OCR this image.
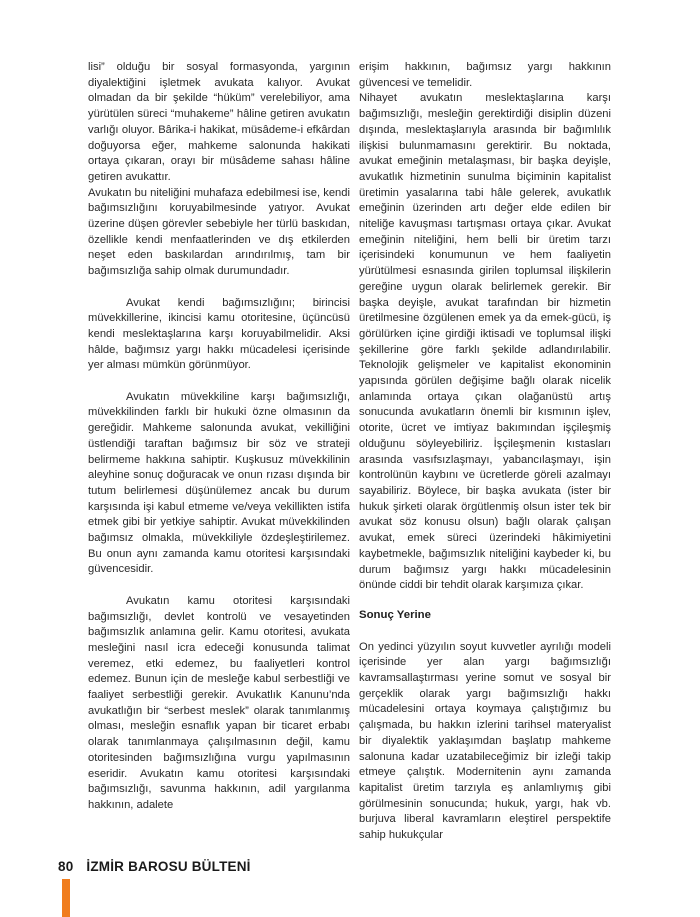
lisi” olduğu bir sosyal formasyonda, yargının diyalektiğini işletmek avukata kalıyor. Avukat olmadan da bir şekilde “hüküm” verelebiliyor, ama yürütülen süreci “muhakeme” hâline getiren avukatın varlığı oluyor. Bârika-i hakikat, müsâdeme-i efkârdan doğuyorsa eğer, mahkeme salonunda hakikati ortaya çıkaran, orayı bir müsâdeme sahası hâline getiren avukattır.

Avukatın bu niteliğini muhafaza edebilmesi ise, kendi bağımsızlığını koruyabilmesinde yatıyor. Avukat üzerine düşen görevler sebebiyle her türlü baskıdan, özellikle kendi menfaatlerinden ve dış etkilerden neşet eden baskılardan arındırılmış, tam bir bağımsızlığa sahip olmak durumundadır.

Avukat kendi bağımsızlığını; birincisi müvekkillerine, ikincisi kamu otoritesine, üçüncüsü kendi meslektaşlarına karşı koruyabilmelidir. Aksi hâlde, bağımsız yargı hakkı mücadelesi içerisinde yer alması mümkün görünmüyor.

Avukatın müvekkiline karşı bağımsızlığı, müvekkilinden farklı bir hukuki özne olmasının da gereğidir. Mahkeme salonunda avukat, vekilliğini üstlendiği taraftan bağımsız bir söz ve strateji belirmeme hakkına sahiptir. Kuşkusuz müvekkilinin aleyhine sonuç doğuracak ve onun rızası dışında bir tutum belirlemesi düşünülemez ancak bu durum karşısında işi kabul etmeme ve/veya vekillikten istifa etmek gibi bir yetkiye sahiptir. Avukat müvekkilinden bağımsız olmakla, müvekkiliyle özdeşleştirilemez. Bu onun aynı zamanda kamu otoritesi karşısındaki güvencesidir.

Avukatın kamu otoritesi karşısındaki bağımsızlığı, devlet kontrolü ve vesayetinden bağımsızlık anlamına gelir. Kamu otoritesi, avukata mesleğini nasıl icra edeceği konusunda talimat veremez, etki edemez, bu faaliyetleri kontrol edemez. Bunun için de mesleğe kabul serbestliği ve faaliyet serbestliği gerekir. Avukatlık Kanunu’nda avukatlığın bir “serbest meslek” olarak tanımlanmış olması, mesleğin esnaflık yapan bir ticaret erbabı olarak tanımlanmaya çalışılmasının değil, kamu otoritesinden bağımsızlığına vurgu yapılmasının eseridir. Avukatın kamu otoritesi karşısındaki bağımsızlığı, savunma hakkının, adil yargılanma hakkının, adalete

erişim hakkının, bağımsız yargı hakkının güvencesi ve temelidir.

Nihayet avukatın meslektaşlarına karşı bağımsızlığı, mesleğin gerektirdiği disiplin düzeni dışında, meslektaşlarıyla arasında bir bağımlılık ilişkisi bulunmamasını gerektirir. Bu noktada, avukat emeğinin metalaşması, bir başka deyişle, avukatlık hizmetinin sunulma biçiminin kapitalist üretimin yasalarına tabi hâle gelerek, avukatlık emeğinin üzerinden artı değer elde edilen bir niteliğe kavuşması tartışması ortaya çıkar. Avukat emeğinin niteliğini, hem belli bir üretim tarzı içerisindeki konumunun ve hem faaliyetin yürütülmesi esnasında girilen toplumsal ilişkilerin gereğine uygun olarak belirlemek gerekir. Bir başka deyişle, avukat tarafından bir hizmetin üretilmesine özgülenen emek ya da emek-gücü, iş görülürken içine girdiği iktisadi ve toplumsal ilişki şekillerine göre farklı şekilde adlandırılabilir. Teknolojik gelişmeler ve kapitalist ekonominin yapısında görülen değişime bağlı olarak nicelik anlamında ortaya çıkan olağanüstü artış sonucunda avukatların önemli bir kısmının işlev, otorite, ücret ve imtiyaz bakımından işçileşmiş olduğunu söyleyebiliriz. İşçileşmenin kıstasları arasında vasıfsızlaşmayı, yabancılaşmayı, işin kontrolünün kaybını ve ücretlerde göreli azalmayı sayabiliriz. Böylece, bir başka avukata (ister bir hukuk şirketi olarak örgütlenmiş olsun ister tek bir avukat söz konusu olsun) bağlı olarak çalışan avukat, emek süreci üzerindeki hâkimiyetini kaybetmekle, bağımsızlık niteliğini kaybeder ki, bu durum bağımsız yargı hakkı mücadelesinin önünde ciddi bir tehdit olarak karşımıza çıkar.

Sonuç Yerine

On yedinci yüzyılın soyut kuvvetler ayrılığı modeli içerisinde yer alan yargı bağımsızlığı kavramsallaştırması yerine somut ve sosyal bir gerçeklik olarak yargı bağımsızlığı hakkı mücadelesini ortaya koymaya çalıştığımız bu çalışmada, bu hakkın izlerini tarihsel materyalist bir diyalektik yaklaşımdan başlatıp mahkeme salonuna kadar uzatabileceğimiz bir izleği takip etmeye çalıştık. Modernitenin aynı zamanda kapitalist üretim tarzıyla eş anlamlıymış gibi görülmesinin sonucunda; hukuk, yargı, hak vb. burjuva liberal kavramların eleştirel perspektife sahip hukukçular

80 İZMİR BAROSU BÜLTENİ
